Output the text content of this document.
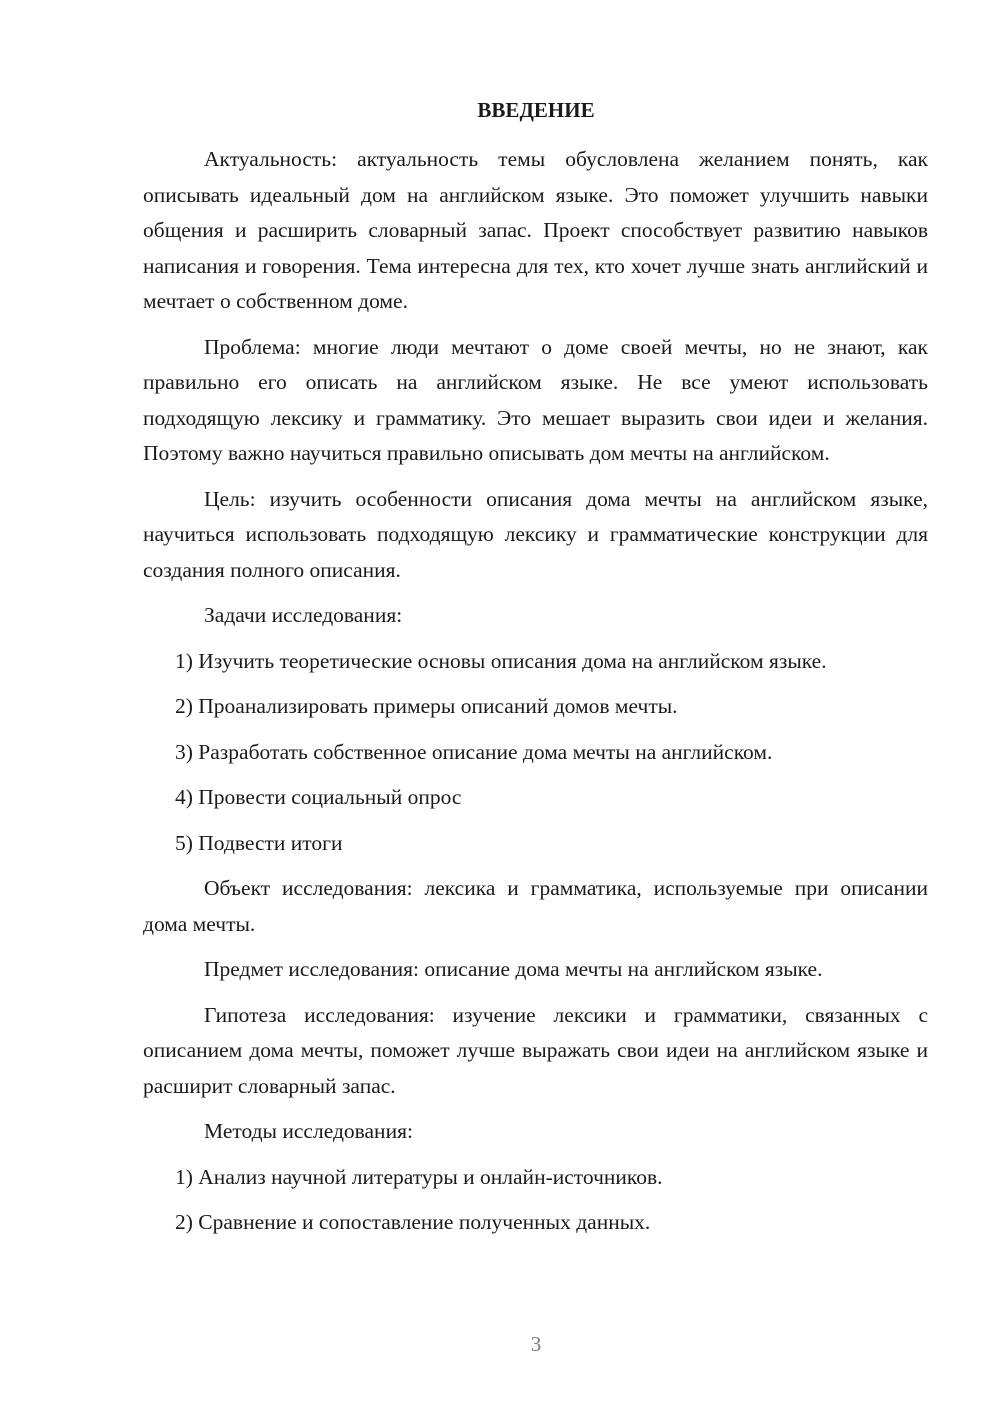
ВВЕДЕНИЕ

Актуальность: актуальность темы обусловлена желанием понять, как описывать идеальный дом на английском языке. Это поможет улучшить навыки общения и расширить словарный запас. Проект способствует развитию навыков написания и говорения. Тема интересна для тех, кто хочет лучше знать английский и мечтает о собственном доме.

Проблема: многие люди мечтают о доме своей мечты, но не знают, как правильно его описать на английском языке. Не все умеют использовать подходящую лексику и грамматику. Это мешает выразить свои идеи и желания. Поэтому важно научиться правильно описывать дом мечты на английском.

Цель: изучить особенности описания дома мечты на английском языке, научиться использовать подходящую лексику и грамматические конструкции для создания полного описания.

Задачи исследования:

1) Изучить теоретические основы описания дома на английском языке.

2) Проанализировать примеры описаний домов мечты.

3) Разработать собственное описание дома мечты на английском.

4) Провести социальный опрос

5) Подвести итоги

Объект исследования: лексика и грамматика, используемые при описании дома мечты.

Предмет исследования: описание дома мечты на английском языке.

Гипотеза исследования: изучение лексики и грамматики, связанных с описанием дома мечты, поможет лучше выражать свои идеи на английском языке и расширит словарный запас.

Методы исследования:

1) Анализ научной литературы и онлайн-источников.

2) Сравнение и сопоставление полученных данных.

3
